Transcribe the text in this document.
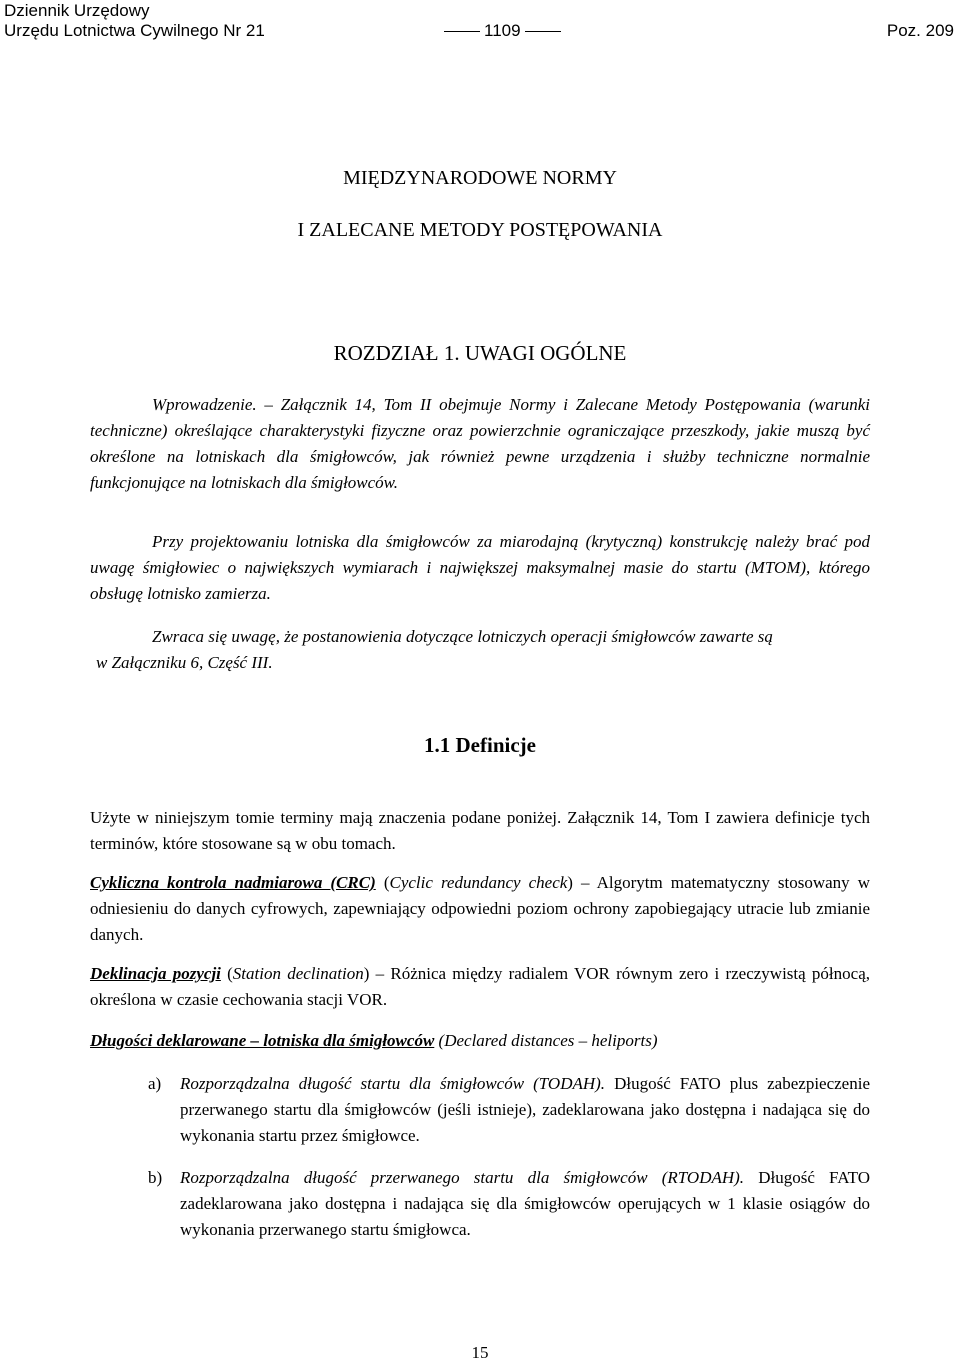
Dziennik Urzędowy
Urzędu Lotnictwa Cywilnego Nr 21	1109	Poz. 209
MIĘDZYNARODOWE NORMY
I ZALECANE METODY POSTĘPOWANIA
ROZDZIAŁ 1. UWAGI OGÓLNE
Wprowadzenie. – Załącznik 14, Tom II obejmuje Normy i Zalecane Metody Postępowania (warunki techniczne) określające charakterystyki fizyczne oraz powierzchnie ograniczające przeszkody, jakie muszą być określone na lotniskach dla śmigłowców, jak również pewne urządzenia i służby techniczne normalnie funkcjonujące na lotniskach dla śmigłowców.
Przy projektowaniu lotniska dla śmigłowców za miarodajną (krytyczną) konstrukcję należy brać pod uwagę śmigłowiec o największych wymiarach i największej maksymalnej masie do startu (MTOM), którego obsługę lotnisko zamierza.
Zwraca się uwagę, że postanowienia dotyczące lotniczych operacji śmigłowców zawarte są
w Załączniku 6, Część III.
1.1 Definicje
Użyte w niniejszym tomie terminy mają znaczenia podane poniżej. Załącznik 14, Tom I zawiera definicje tych terminów, które stosowane są w obu tomach.
Cykliczna kontrola nadmiarowa (CRC) (Cyclic redundancy check) – Algorytm matematyczny stosowany w odniesieniu do danych cyfrowych, zapewniający odpowiedni poziom ochrony zapobiegający utracie lub zmianie danych.
Deklinacja pozycji (Station declination) – Różnica między radialem VOR równym zero i rzeczywistą północą, określona w czasie cechowania stacji VOR.
Długości deklarowane – lotniska dla śmigłowców (Declared distances – heliports)
a) Rozporządzalna długość startu dla śmigłowców (TODAH). Długość FATO plus zabezpieczenie przerwanego startu dla śmigłowców (jeśli istnieje), zadeklarowana jako dostępna i nadająca się do wykonania startu przez śmigłowce.
b) Rozporządzalna długość przerwanego startu dla śmigłowców (RTODAH). Długość FATO zadeklarowana jako dostępna i nadająca się dla śmigłowców operujących w 1 klasie osiągów do wykonania przerwanego startu śmigłowca.
15
